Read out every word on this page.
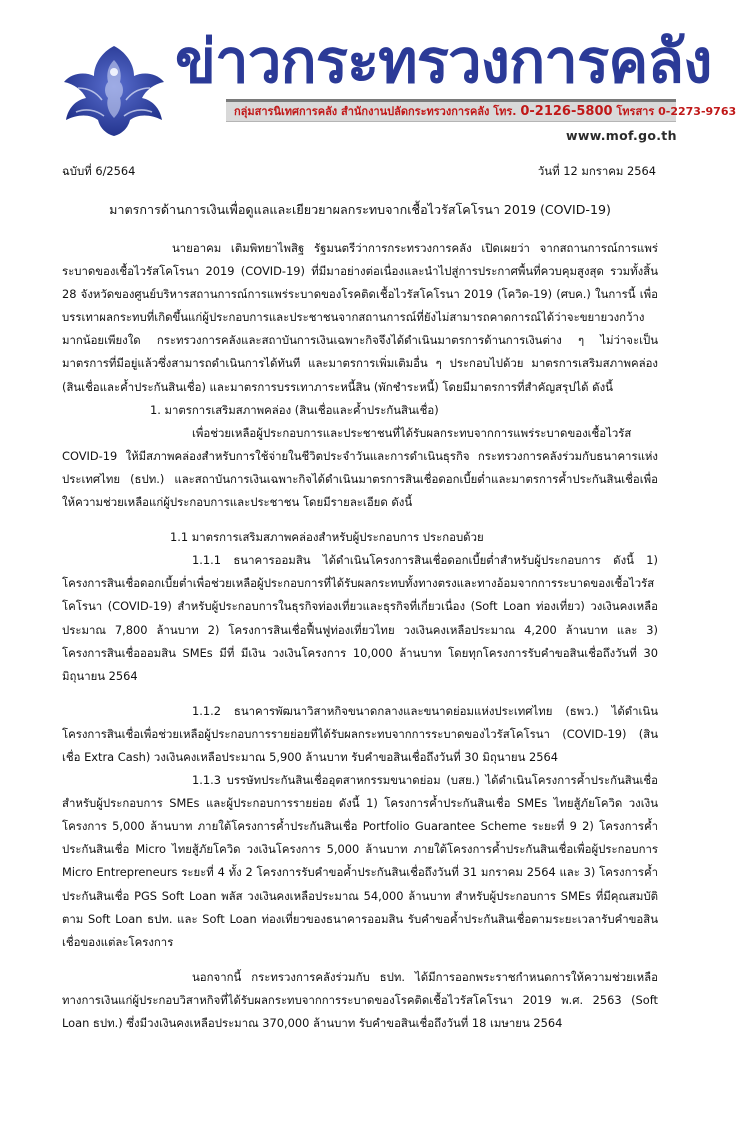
ข่าวกระทรวงการคลัง
กลุ่มสารนิเทศการคลัง สำนักงานปลัดกระทรวงการคลัง โทร. 0-2126-5800 โทรสาร 0-2273-9763
www.mof.go.th
ฉบับที่ 6/2564	วันที่ 12 มกราคม 2564
มาตรการด้านการเงินเพื่อดูแลและเยียวยาผลกระทบจากเชื้อไวรัสโคโรนา 2019 (COVID-19)

นายอาคม เติมพิทยาไพสิฐ รัฐมนตรีว่าการกระทรวงการคลัง เปิดเผยว่า จากสถานการณ์การแพร่ระบาดของเชื้อไวรัสโคโรนา 2019 (COVID-19) ที่มีมาอย่างต่อเนื่องและนำไปสู่การประกาศพื้นที่ควบคุมสูงสุด รวมทั้งสิ้น 28 จังหวัดของศูนย์บริหารสถานการณ์การแพร่ระบาดของโรคติดเชื้อไวรัสโคโรนา 2019 (โควิด-19) (ศบค.) ในการนี้ เพื่อบรรเทาผลกระทบที่เกิดขึ้นแก่ผู้ประกอบการและประชาชนจากสถานการณ์ที่ยังไม่สามารถคาดการณ์ได้ว่าจะขยายวงกว้างมากน้อยเพียงใด กระทรวงการคลังและสถาบันการเงินเฉพาะกิจจึงได้ดำเนินมาตรการด้านการเงินต่าง ๆ ไม่ว่าจะเป็นมาตรการที่มีอยู่แล้วซึ่งสามารถดำเนินการได้ทันที และมาตรการเพิ่มเติมอื่น ๆ ประกอบไปด้วย มาตรการเสริมสภาพคล่อง (สินเชื่อและค้ำประกันสินเชื่อ) และมาตรการบรรเทาภาระหนี้สิน (พักชำระหนี้) โดยมีมาตรการที่สำคัญสรุปได้ ดังนี้

1. มาตรการเสริมสภาพคล่อง (สินเชื่อและค้ำประกันสินเชื่อ)

เพื่อช่วยเหลือผู้ประกอบการและประชาชนที่ได้รับผลกระทบจากการแพร่ระบาดของเชื้อไวรัส COVID-19 ให้มีสภาพคล่องสำหรับการใช้จ่ายในชีวิตประจำวันและการดำเนินธุรกิจ กระทรวงการคลังร่วมกับธนาคารแห่งประเทศไทย (ธปท.) และสถาบันการเงินเฉพาะกิจได้ดำเนินมาตรการสินเชื่อดอกเบี้ยต่ำและมาตรการค้ำประกันสินเชื่อเพื่อให้ความช่วยเหลือแก่ผู้ประกอบการและประชาชน โดยมีรายละเอียด ดังนี้

1.1 มาตรการเสริมสภาพคล่องสำหรับผู้ประกอบการ ประกอบด้วย

1.1.1 ธนาคารออมสิน ได้ดำเนินโครงการสินเชื่อดอกเบี้ยต่ำสำหรับผู้ประกอบการ ดังนี้ 1) โครงการสินเชื่อดอกเบี้ยต่ำเพื่อช่วยเหลือผู้ประกอบการที่ได้รับผลกระทบทั้งทางตรงและทางอ้อมจากการระบาดของเชื้อไวรัสโคโรนา (COVID-19) สำหรับผู้ประกอบการในธุรกิจท่องเที่ยวและธุรกิจที่เกี่ยวเนื่อง (Soft Loan ท่องเที่ยว) วงเงินคงเหลือประมาณ 7,800 ล้านบาท 2) โครงการสินเชื่อฟื้นฟูท่องเที่ยวไทย วงเงินคงเหลือประมาณ 4,200 ล้านบาท และ 3) โครงการสินเชื่อออมสิน SMEs มีที่ มีเงิน วงเงินโครงการ 10,000 ล้านบาท โดยทุกโครงการรับคำขอสินเชื่อถึงวันที่ 30 มิถุนายน 2564

1.1.2 ธนาคารพัฒนาวิสาหกิจขนาดกลางและขนาดย่อมแห่งประเทศไทย (ธพว.) ได้ดำเนินโครงการสินเชื่อเพื่อช่วยเหลือผู้ประกอบการรายย่อยที่ได้รับผลกระทบจากการระบาดของไวรัสโคโรนา (COVID-19) (สินเชื่อ Extra Cash) วงเงินคงเหลือประมาณ 5,900 ล้านบาท รับคำขอสินเชื่อถึงวันที่ 30 มิถุนายน 2564

1.1.3 บรรษัทประกันสินเชื่ออุตสาหกรรมขนาดย่อม (บสย.) ได้ดำเนินโครงการค้ำประกันสินเชื่อสำหรับผู้ประกอบการ SMEs และผู้ประกอบการรายย่อย ดังนี้ 1) โครงการค้ำประกันสินเชื่อ SMEs ไทยสู้ภัยโควิด วงเงินโครงการ 5,000 ล้านบาท ภายใต้โครงการค้ำประกันสินเชื่อ Portfolio Guarantee Scheme ระยะที่ 9 2) โครงการค้ำประกันสินเชื่อ Micro ไทยสู้ภัยโควิด วงเงินโครงการ 5,000 ล้านบาท ภายใต้โครงการค้ำประกันสินเชื่อเพื่อผู้ประกอบการ Micro Entrepreneurs ระยะที่ 4 ทั้ง 2 โครงการรับคำขอค้ำประกันสินเชื่อถึงวันที่ 31 มกราคม 2564 และ 3) โครงการค้ำประกันสินเชื่อ PGS Soft Loan พลัส วงเงินคงเหลือประมาณ 54,000 ล้านบาท สำหรับผู้ประกอบการ SMEs ที่มีคุณสมบัติตาม Soft Loan ธปท. และ Soft Loan ท่องเที่ยวของธนาคารออมสิน รับคำขอค้ำประกันสินเชื่อตามระยะเวลารับคำขอสินเชื่อของแต่ละโครงการ

นอกจากนี้ กระทรวงการคลังร่วมกับ ธปท. ได้มีการออกพระราชกำหนดการให้ความช่วยเหลือทางการเงินแก่ผู้ประกอบวิสาหกิจที่ได้รับผลกระทบจากการระบาดของโรคติดเชื้อไวรัสโคโรนา 2019 พ.ศ. 2563 (Soft Loan ธปท.) ซึ่งมีวงเงินคงเหลือประมาณ 370,000 ล้านบาท รับคำขอสินเชื่อถึงวันที่ 18 เมษายน 2564
